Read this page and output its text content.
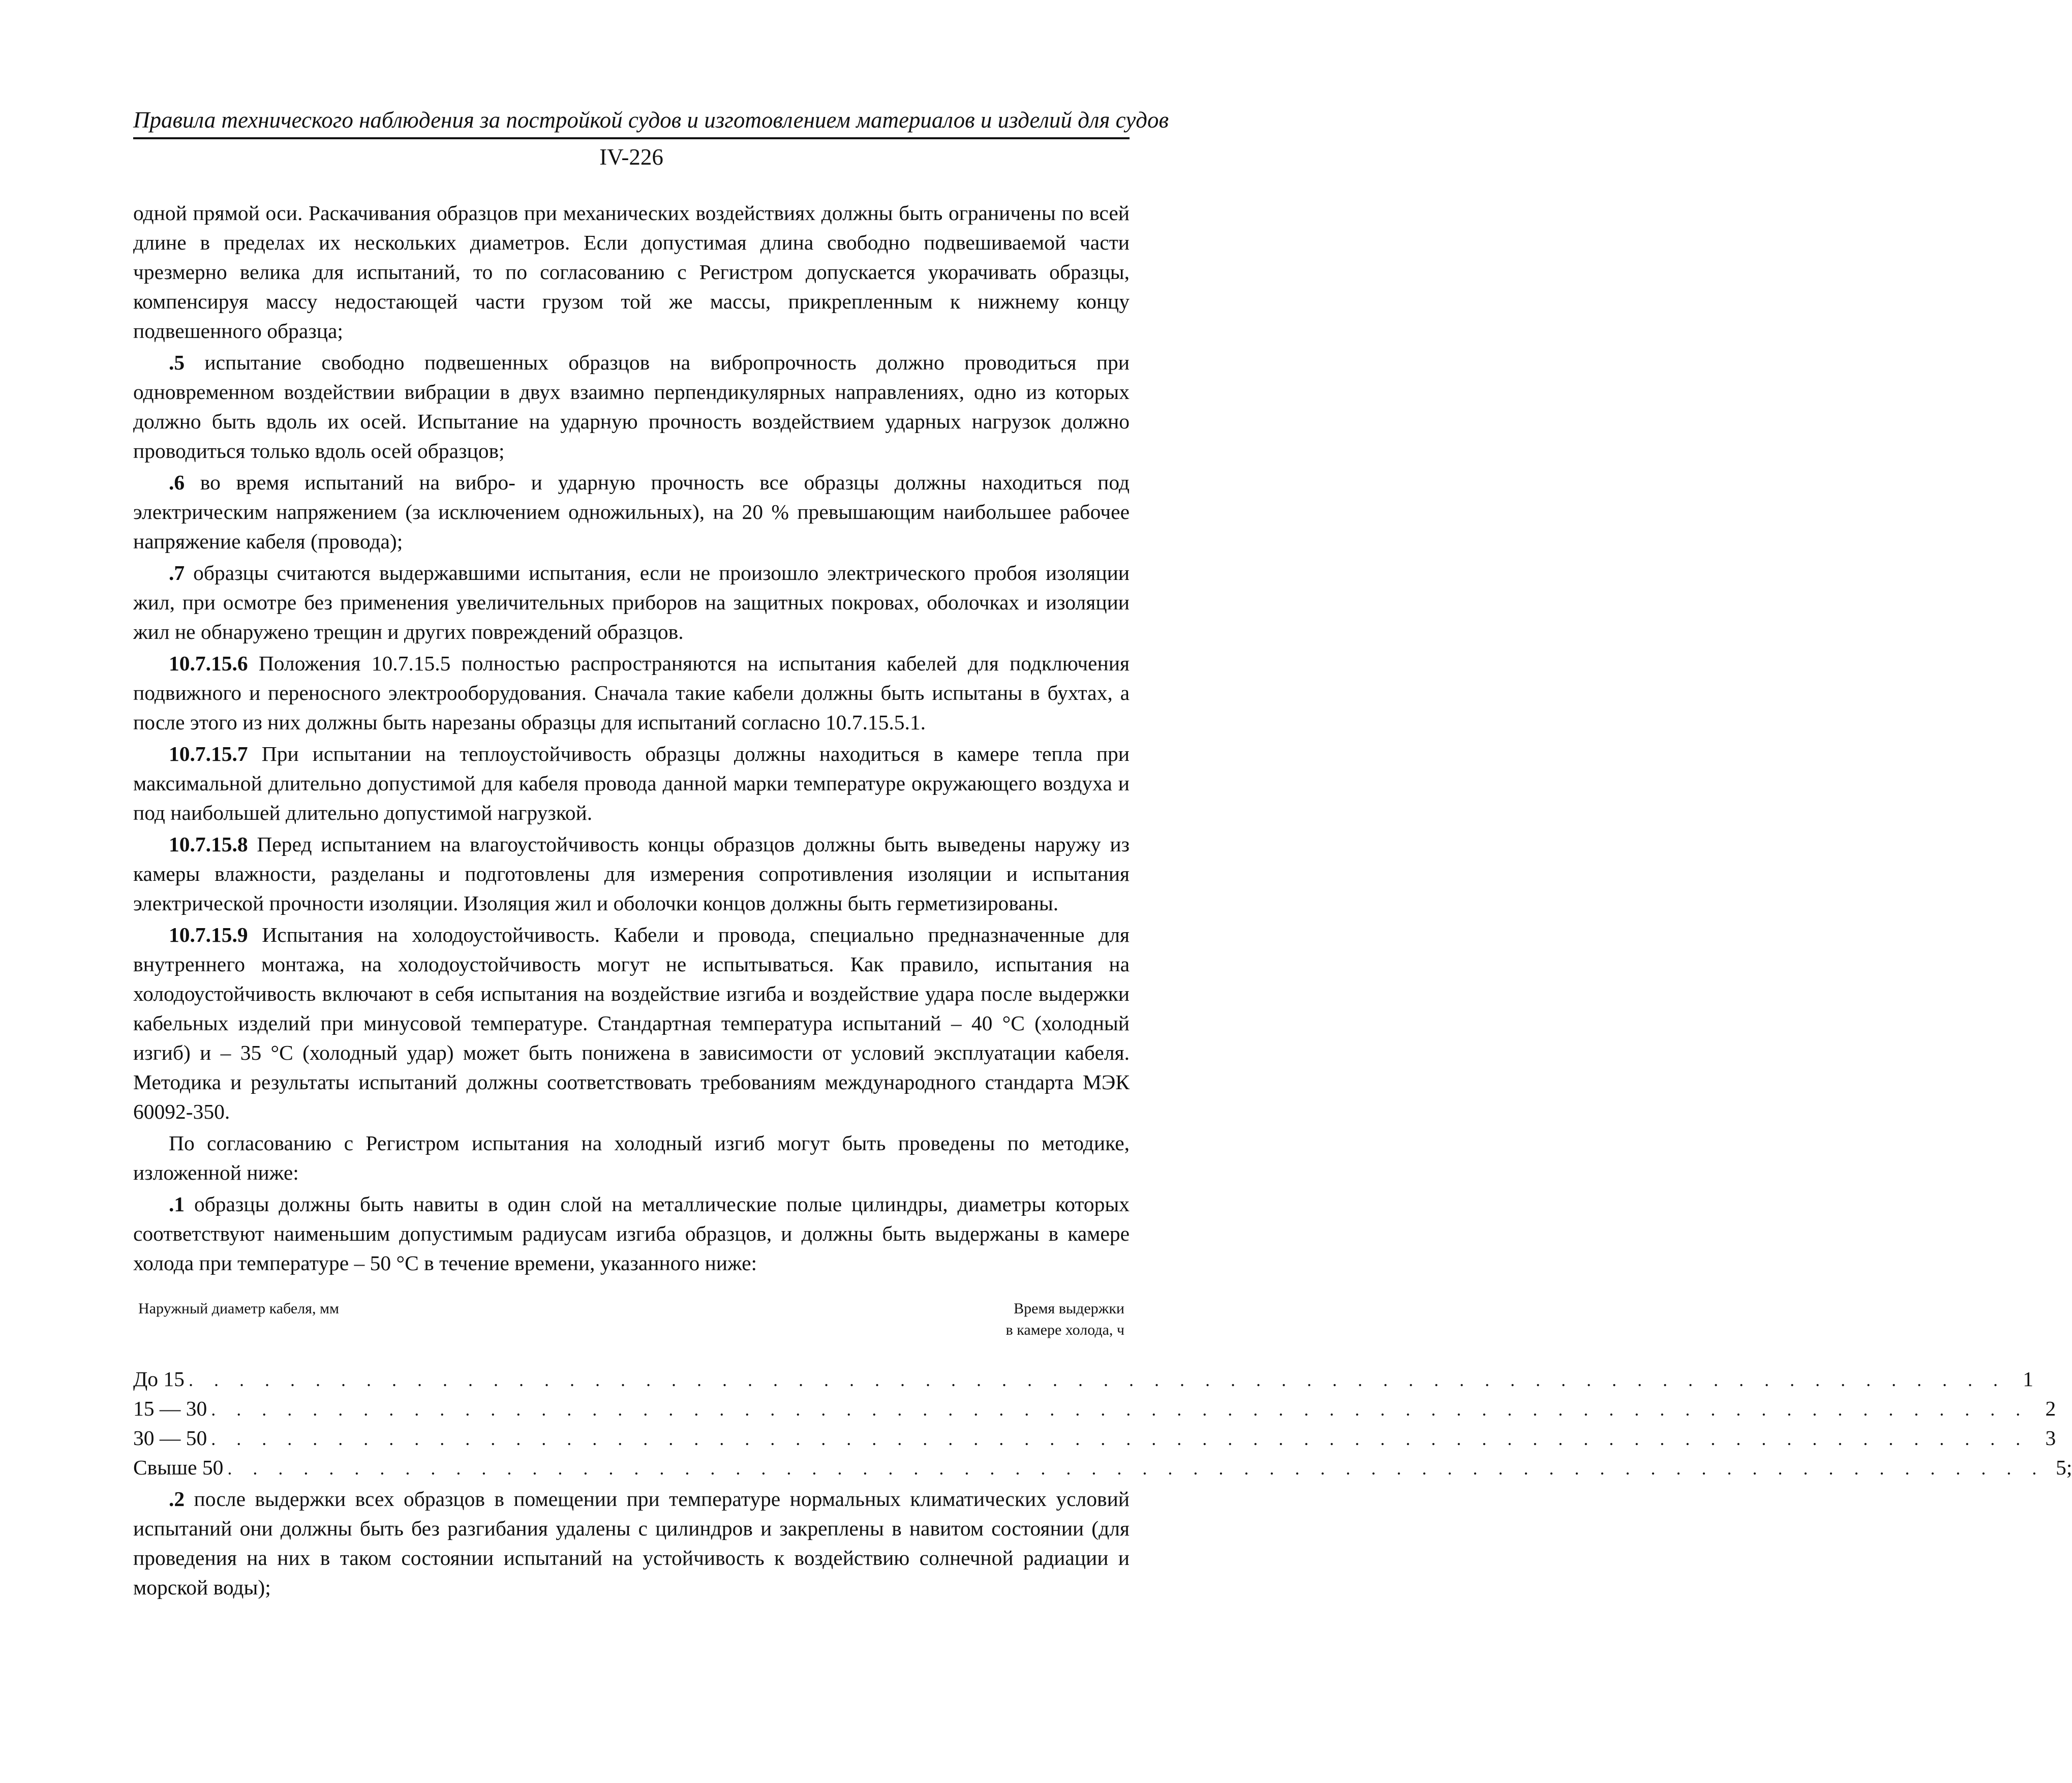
Правила технического наблюдения за постройкой судов и изготовлением материалов и изделий для судов
IV-226

одной прямой оси. Раскачивания образцов при механических воздействиях должны быть ограничены по всей длине в пределах их нескольких диаметров. Если допустимая длина свободно подвешиваемой части чрезмерно велика для испытаний, то по согласованию с Регистром допускается укорачивать образцы, компенсируя массу недостающей части грузом той же массы, прикрепленным к нижнему концу подвешенного образца;

.5 испытание свободно подвешенных образцов на вибропрочность должно проводиться при одновременном воздействии вибрации в двух взаимно перпендикулярных направлениях, одно из которых должно быть вдоль их осей. Испытание на ударную прочность воздействием ударных нагрузок должно проводиться только вдоль осей образцов;

.6 во время испытаний на вибро- и ударную прочность все образцы должны находиться под электрическим напряжением (за исключением одножильных), на 20 % превышающим наибольшее рабочее напряжение кабеля (провода);

.7 образцы считаются выдержавшими испытания, если не произошло электрического пробоя изоляции жил, при осмотре без применения увеличительных приборов на защитных покровах, оболочках и изоляции жил не обнаружено трещин и других повреждений образцов.

10.7.15.6 Положения 10.7.15.5 полностью распространяются на испытания кабелей для подключения подвижного и переносного электрооборудования. Сначала такие кабели должны быть испытаны в бухтах, а после этого из них должны быть нарезаны образцы для испытаний согласно 10.7.15.5.1.

10.7.15.7 При испытании на теплоустойчивость образцы должны находиться в камере тепла при максимальной длительно допустимой для кабеля провода данной марки температуре окружающего воздуха и под наибольшей длительно допустимой нагрузкой.

10.7.15.8 Перед испытанием на влагоустойчивость концы образцов должны быть выведены наружу из камеры влажности, разделаны и подготовлены для измерения сопротивления изоляции и испытания электрической прочности изоляции. Изоляция жил и оболочки концов должны быть герметизированы.

10.7.15.9 Испытания на холодоустойчивость. Кабели и провода, специально предназначенные для внутреннего монтажа, на холодоустойчивость могут не испытываться. Как правило, испытания на холодоустойчивость включают в себя испытания на воздействие изгиба и воздействие удара после выдержки кабельных изделий при минусовой температуре. Стандартная температура испытаний – 40 °C (холодный изгиб) и – 35 °C (холодный удар) может быть понижена в зависимости от условий эксплуатации кабеля. Методика и результаты испытаний должны соответствовать требованиям международного стандарта МЭК 60092-350.

По согласованию с Регистром испытания на холодный изгиб могут быть проведены по методике, изложенной ниже:

.1 образцы должны быть навиты в один слой на металлические полые цилиндры, диаметры которых соответствуют наименьшим допустимым радиусам изгиба образцов, и должны быть выдержаны в камере холода при температуре – 50 °C в течение времени, указанного ниже:

Наружный диаметр кабеля, мм	Время выдержки
в камере холода, ч
До 15 . . . . . . . . . . . . . . . . . . . . . . . . . . . . . . . . . . . . . . . . . . . . . . . . . . . . . . . . . . . . . . . . . . . . . . . . 1
15 — 30 . . . . . . . . . . . . . . . . . . . . . . . . . . . . . . . . . . . . . . . . . . . . . . . . . . . . . . . . . . . . . . . . . . . . . . . . 2
30 — 50 . . . . . . . . . . . . . . . . . . . . . . . . . . . . . . . . . . . . . . . . . . . . . . . . . . . . . . . . . . . . . . . . . . . . . . . . 3
Свыше 50 . . . . . . . . . . . . . . . . . . . . . . . . . . . . . . . . . . . . . . . . . . . . . . . . . . . . . . . . . . . . . . . . . . . . . . . . 5;

.2 после выдержки всех образцов в помещении при температуре нормальных климатических условий испытаний они должны быть без разгибания удалены с цилиндров и закреплены в навитом состоянии (для проведения на них в таком состоянии испытаний на устойчивость к воздействию солнечной радиации и морской воды);
